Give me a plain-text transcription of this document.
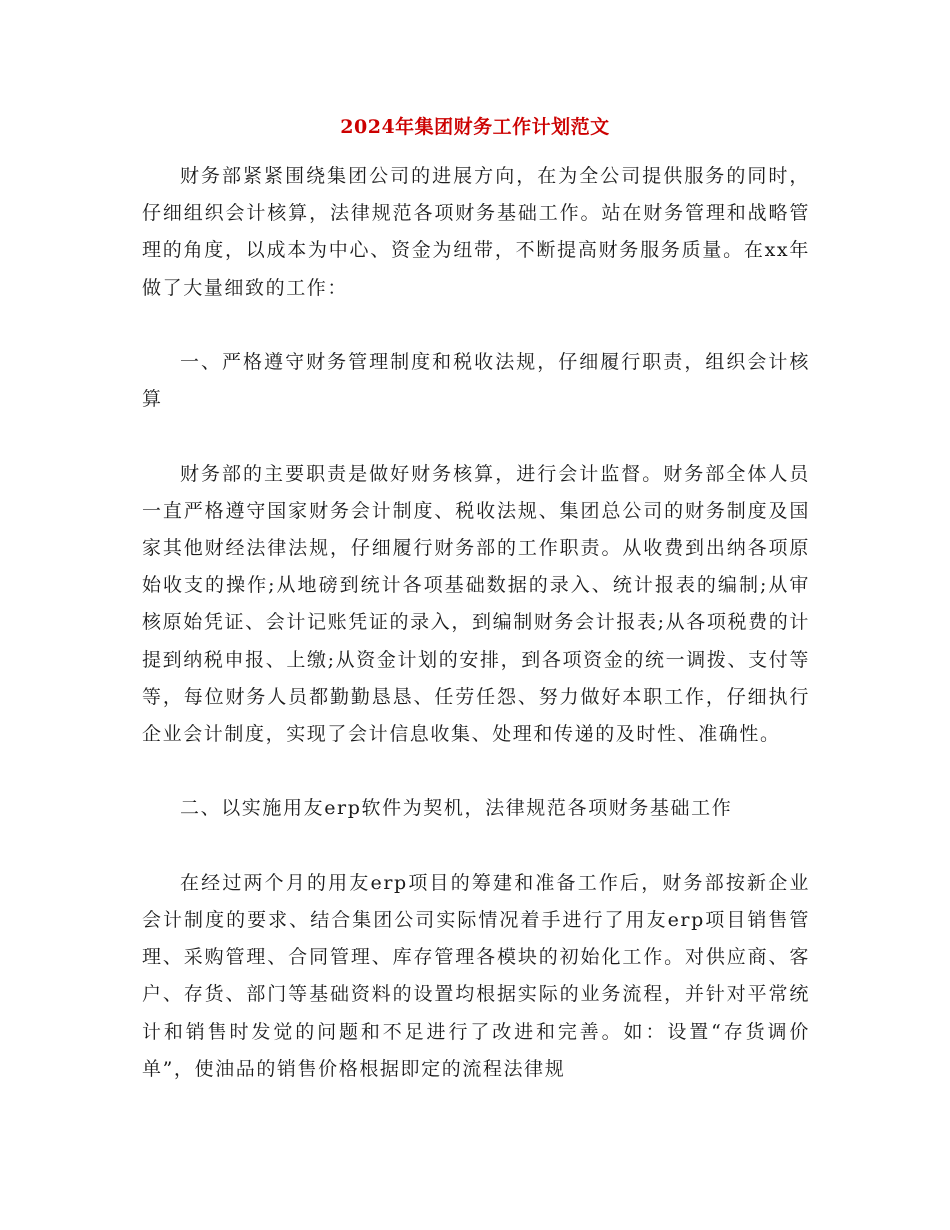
2024年集团财务工作计划范文

财务部紧紧围绕集团公司的进展方向，在为全公司提供服务的同时，仔细组织会计核算，法律规范各项财务基础工作。站在财务管理和战略管理的角度，以成本为中心、资金为纽带，不断提高财务服务质量。在xx年做了大量细致的工作：

一、严格遵守财务管理制度和税收法规，仔细履行职责，组织会计核算

财务部的主要职责是做好财务核算，进行会计监督。财务部全体人员一直严格遵守国家财务会计制度、税收法规、集团总公司的财务制度及国家其他财经法律法规，仔细履行财务部的工作职责。从收费到出纳各项原始收支的操作;从地磅到统计各项基础数据的录入、统计报表的编制;从审核原始凭证、会计记账凭证的录入，到编制财务会计报表;从各项税费的计提到纳税申报、上缴;从资金计划的安排，到各项资金的统一调拨、支付等等，每位财务人员都勤勤恳恳、任劳任怨、努力做好本职工作，仔细执行企业会计制度，实现了会计信息收集、处理和传递的及时性、准确性。

二、以实施用友erp软件为契机，法律规范各项财务基础工作

在经过两个月的用友erp项目的筹建和准备工作后，财务部按新企业会计制度的要求、结合集团公司实际情况着手进行了用友erp项目销售管理、采购管理、合同管理、库存管理各模块的初始化工作。对供应商、客户、存货、部门等基础资料的设置均根据实际的业务流程，并针对平常统计和销售时发觉的问题和不足进行了改进和完善。如：设置“存货调价单”，使油品的销售价格根据即定的流程法律规
